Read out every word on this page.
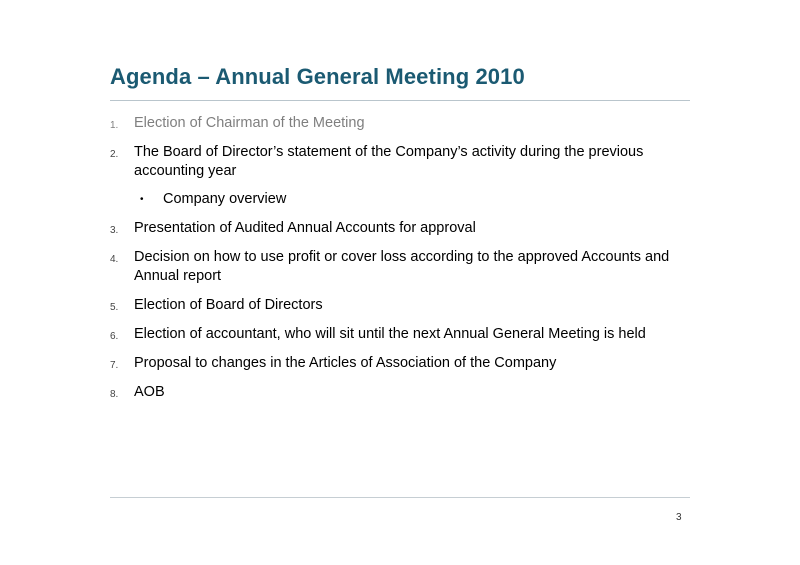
Agenda – Annual General Meeting 2010
1. Election of Chairman of the Meeting
2. The Board of Director’s statement of the Company’s activity during the previous accounting year
• Company overview
3. Presentation of Audited Annual Accounts for approval
4. Decision on how to use profit or cover loss according to the approved Accounts and Annual report
5. Election of Board of Directors
6. Election of accountant, who will sit until the next Annual General Meeting is held
7. Proposal to changes in the Articles of Association of the Company
8. AOB
3
